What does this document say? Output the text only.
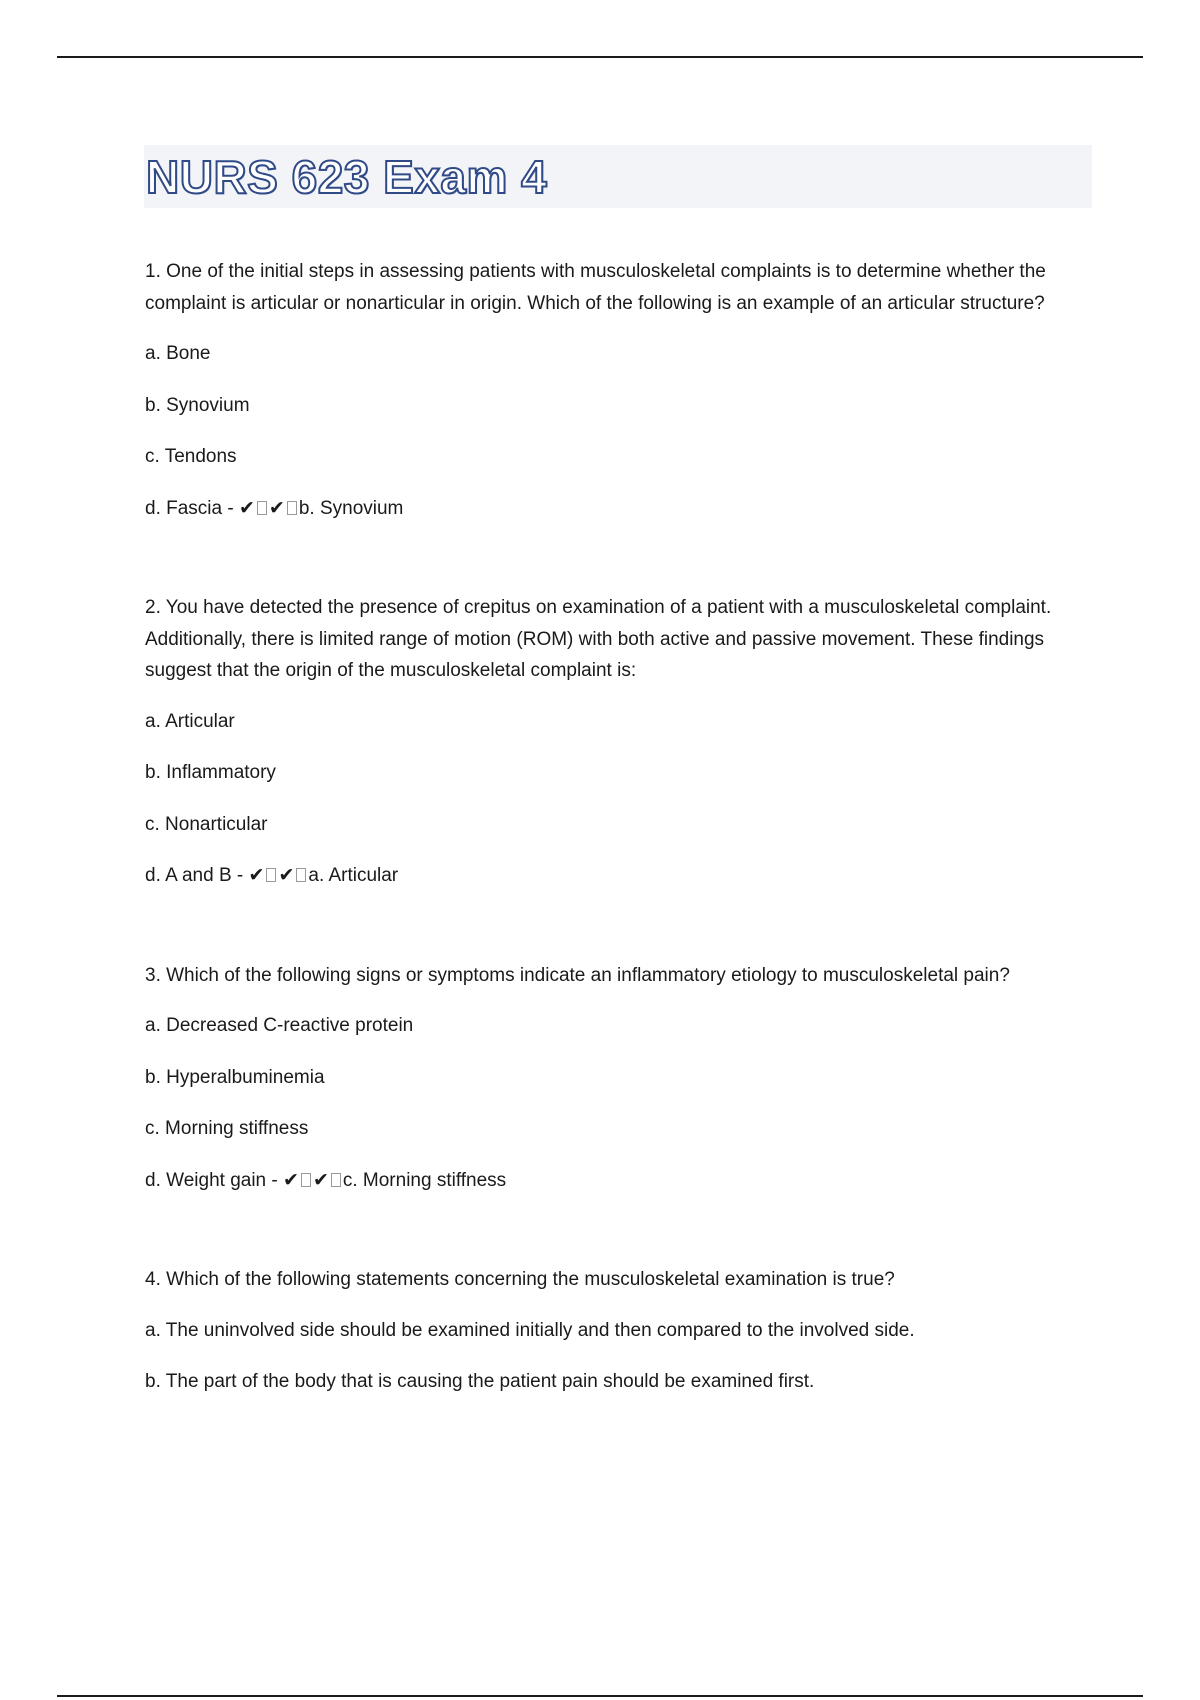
NURS 623 Exam 4
1. One of the initial steps in assessing patients with musculoskeletal complaints is to determine whether the complaint is articular or nonarticular in origin. Which of the following is an example of an articular structure?
a. Bone
b. Synovium
c. Tendons
d. Fascia - ✔ ✔ b. Synovium
2. You have detected the presence of crepitus on examination of a patient with a musculoskeletal complaint. Additionally, there is limited range of motion (ROM) with both active and passive movement. These findings suggest that the origin of the musculoskeletal complaint is:
a. Articular
b. Inflammatory
c. Nonarticular
d. A and B - ✔ ✔ a. Articular
3. Which of the following signs or symptoms indicate an inflammatory etiology to musculoskeletal pain?
a. Decreased C-reactive protein
b. Hyperalbuminemia
c. Morning stiffness
d. Weight gain - ✔ ✔ c. Morning stiffness
4. Which of the following statements concerning the musculoskeletal examination is true?
a. The uninvolved side should be examined initially and then compared to the involved side.
b. The part of the body that is causing the patient pain should be examined first.
